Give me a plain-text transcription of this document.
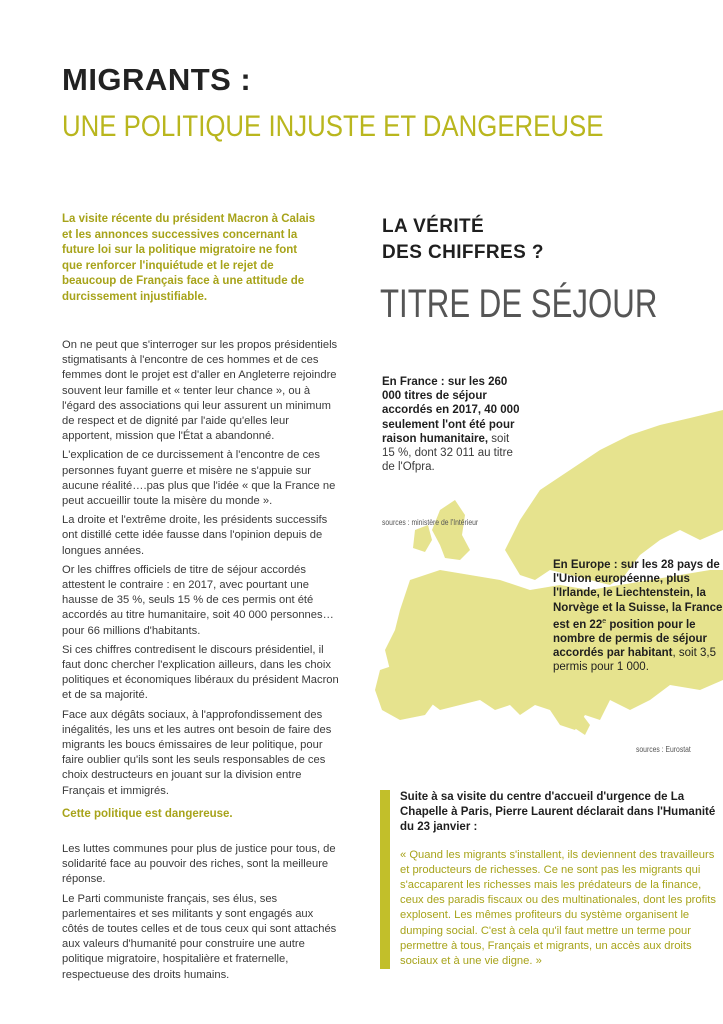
MIGRANTS :
UNE POLITIQUE INJUSTE ET DANGEREUSE
La visite récente du président Macron à Calais et les annonces successives concernant la future loi sur la politique migratoire ne font que renforcer l'inquiétude et le rejet de beaucoup de Français face à une attitude de durcissement injustifiable.

On ne peut que s'interroger sur les propos présidentiels stigmatisants à l'encontre de ces hommes et de ces femmes dont le projet est d'aller en Angleterre rejoindre souvent leur famille et « tenter leur chance », ou à l'égard des associations qui leur assurent un minimum de respect et de dignité par l'aide qu'elles leur apportent, mission que l'État a abandonné.

L'explication de ce durcissement à l'encontre de ces personnes fuyant guerre et misère ne s'appuie sur aucune réalité….pas plus que l'idée « que la France ne peut accueillir toute la misère du monde ».

La droite et l'extrême droite, les présidents successifs ont distillé cette idée fausse dans l'opinion depuis de longues années.

Or les chiffres officiels de titre de séjour accordés attestent le contraire : en 2017, avec pourtant une hausse de 35 %, seuls 15 % de ces permis ont été accordés au titre humanitaire, soit 40 000 personnes… pour 66 millions d'habitants.

Si ces chiffres contredisent le discours présidentiel, il faut donc chercher l'explication ailleurs, dans les choix politiques et économiques libéraux du président Macron et de sa majorité.

Face aux dégâts sociaux, à l'approfondissement des inégalités, les uns et les autres ont besoin de faire des migrants les boucs émissaires de leur politique, pour faire oublier qu'ils sont les seuls responsables de ces choix destructeurs en jouant sur la division entre Français et immigrés.

Cette politique est dangereuse.

Les luttes communes pour plus de justice pour tous, de solidarité face au pouvoir des riches, sont la meilleure réponse.

Le Parti communiste français, ses élus, ses parlementaires et ses militants y sont engagés aux côtés de toutes celles et de tous ceux qui sont attachés aux valeurs d'humanité pour construire une autre politique migratoire, hospitalière et fraternelle, respectueuse des droits humains.

LA VÉRITÉ
DES CHIFFRES ?
TITRE DE SÉJOUR
En France : sur les 260 000 titres de séjour accordés en 2017, 40 000 seulement l'ont été pour raison humanitaire, soit 15 %, dont 32 011 au titre de l'Ofpra.
sources : ministère de l'Intérieur
En Europe : sur les 28 pays de l'Union européenne, plus l'Irlande, le Liechtenstein, la Norvège et la Suisse, la France est en 22e position pour le nombre de permis de séjour accordés par habitant, soit 3,5 permis pour 1 000.
sources : Eurostat
Suite à sa visite du centre d'accueil d'urgence de La Chapelle à Paris, Pierre Laurent déclarait dans l'Humanité du 23 janvier :
« Quand les migrants s'installent, ils deviennent des travailleurs et producteurs de richesses. Ce ne sont pas les migrants qui s'accaparent les richesses mais les prédateurs de la finance, ceux des paradis fiscaux ou des multinationales, dont les profits explosent. Les mêmes profiteurs du système organisent le dumping social. C'est à cela qu'il faut mettre un terme pour permettre à tous, Français et migrants, un accès aux droits sociaux et à une vie digne. »
